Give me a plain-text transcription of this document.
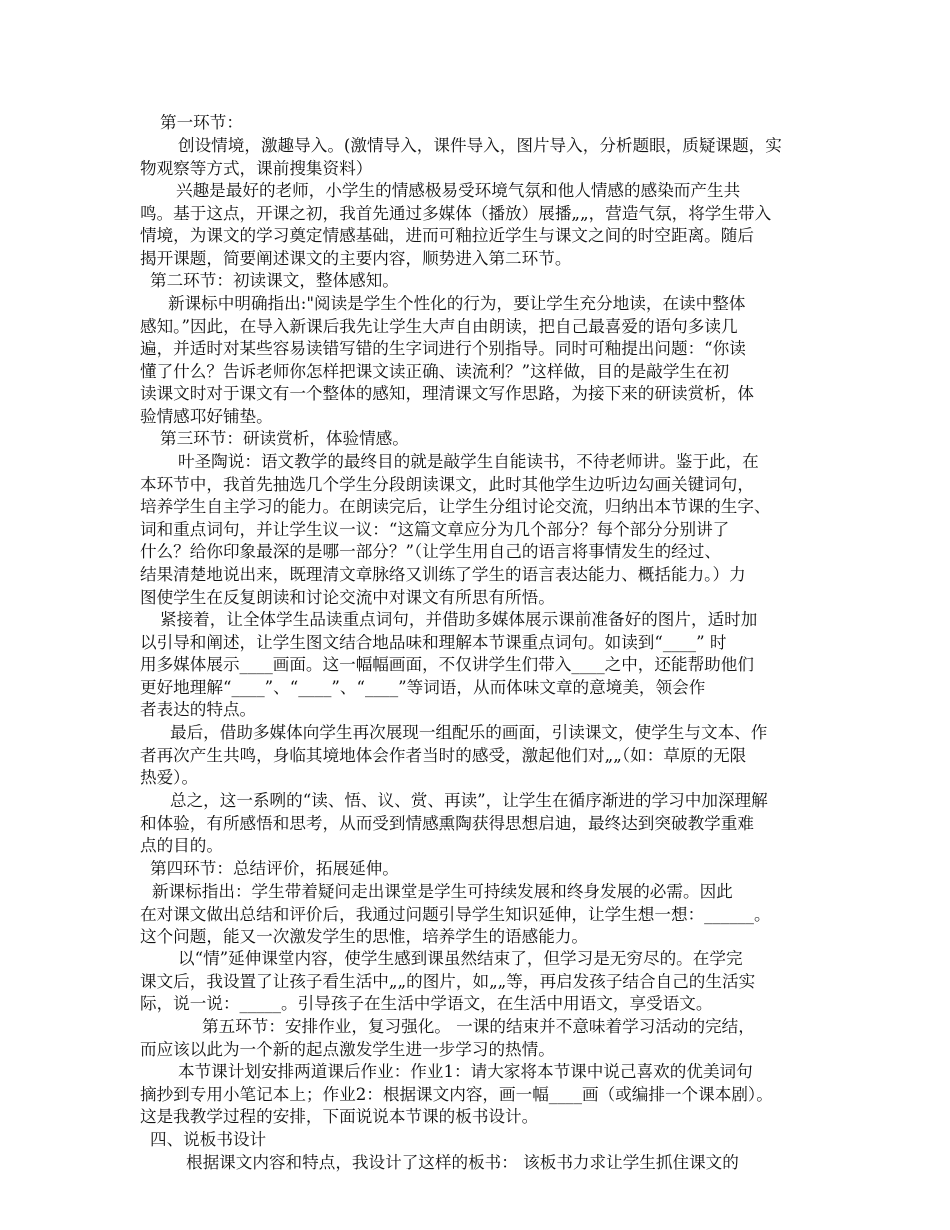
第一环节：
创设情境，激趣导入。(激情导入，课件导入，图片导入，分析题眼，质疑课题，实
物观察等方式，课前搜集资料）
兴趣是最好的老师，小学生的情感极易受环境气氛和他人情感的感染而产生共
鸣。基于这点，开课之初，我首先通过多媒体（播放）展播„„，营造气氛，将学生带入
情境，为课文的学习奠定情感基础，进而可釉拉近学生与课文之间的时空距离。随后
揭开课题，简要阐述课文的主要内容，顺势进入第二环节。
第二环节：初读课文，整体感知。
新课标中明确指出:"阅读是学生个性化的行为，要让学生充分地读，在读中整体
感知。”因此，在导入新课后我先让学生大声自由朗读，把自己最喜爱的语句多读几
遍，并适时对某些容易读错写错的生字词进行个别指导。同时可釉提出问题：“你读
懂了什么？告诉老师你怎样把课文读正确、读流利？”这样做，目的是敲学生在初
读课文时对于课文有一个整体的感知，理清课文写作思路，为接下来的研读赏析，体
验情感邛好铺垫。
第三环节：研读赏析，体验情感。
叶圣陶说：语文教学的最终目的就是敲学生自能读书，不待老师讲。鉴于此，在
本环节中，我首先抽选几个学生分段朗读课文，此时其他学生边听边勾画关键词句，
培养学生自主学习的能力。在朗读完后，让学生分组讨论交流，归纳出本节课的生字、
词和重点词句，并让学生议一议：“这篇文章应分为几个部分？每个部分分别讲了
什么？给你印象最深的是哪一部分？”（让学生用自己的语言将事情发生的经过、
结果清楚地说出来，既理清文章脉络又训练了学生的语言表达能力、概括能力。）力
图使学生在反复朗读和讨论交流中对课文有所思有所悟。
紧接着，让全体学生品读重点词句，并借助多媒体展示课前准备好的图片，适时加
以引导和阐述，让学生图文结合地品味和理解本节课重点词句。如读到“____” 时
用多媒体展示____画面。这一幅幅画面，不仅讲学生们带入____之中，还能帮助他们
更好地理解“____”、“____”、“____”等词语，从而体味文章的意境美，领会作
者表达的特点。
最后，借助多媒体向学生再次展现一组配乐的画面，引读课文，使学生与文本、作
者再次产生共鸣，身临其境地体会作者当时的感受，激起他们对„„（如：草原的无限
热爱）。
总之，这一系咧的“读、悟、议、赏、再读”，让学生在循序渐进的学习中加深理解
和体验，有所感悟和思考，从而受到情感熏陶获得思想启迪，最终达到突破教学重难
点的目的。
第四环节：总结评价，拓展延伸。
新课标指出：学生带着疑问走出课堂是学生可持续发展和终身发展的必需。因此
在对课文做出总结和评价后，我通过问题引导学生知识延伸，让学生想一想：______。
这个问题，能又一次激发学生的思惟，培养学生的语感能力。
以“情”延伸课堂内容，使学生感到课虽然结束了，但学习是无穷尽的。在学完
课文后，我设置了让孩子看生活中„„的图片，如„„等，再启发孩子结合自己的生活实
际，说一说：_____。引导孩子在生活中学语文，在生活中用语文，享受语文。
第五环节：安排作业，复习强化。 一课的结束并不意味着学习活动的完结，
而应该以此为一个新的起点激发学生进一步学习的热情。
本节课计划安排两道课后作业：作业1：请大家将本节课中说己喜欢的优美词句
摘抄到专用小笔记本上；作业2：根据课文内容，画一幅____画（或编排一个课本剧）。
这是我教学过程的安排，下面说说本节课的板书设计。
四、说板书设计
根据课文内容和特点，我设计了这样的板书： 该板书力求让学生抓住课文的
